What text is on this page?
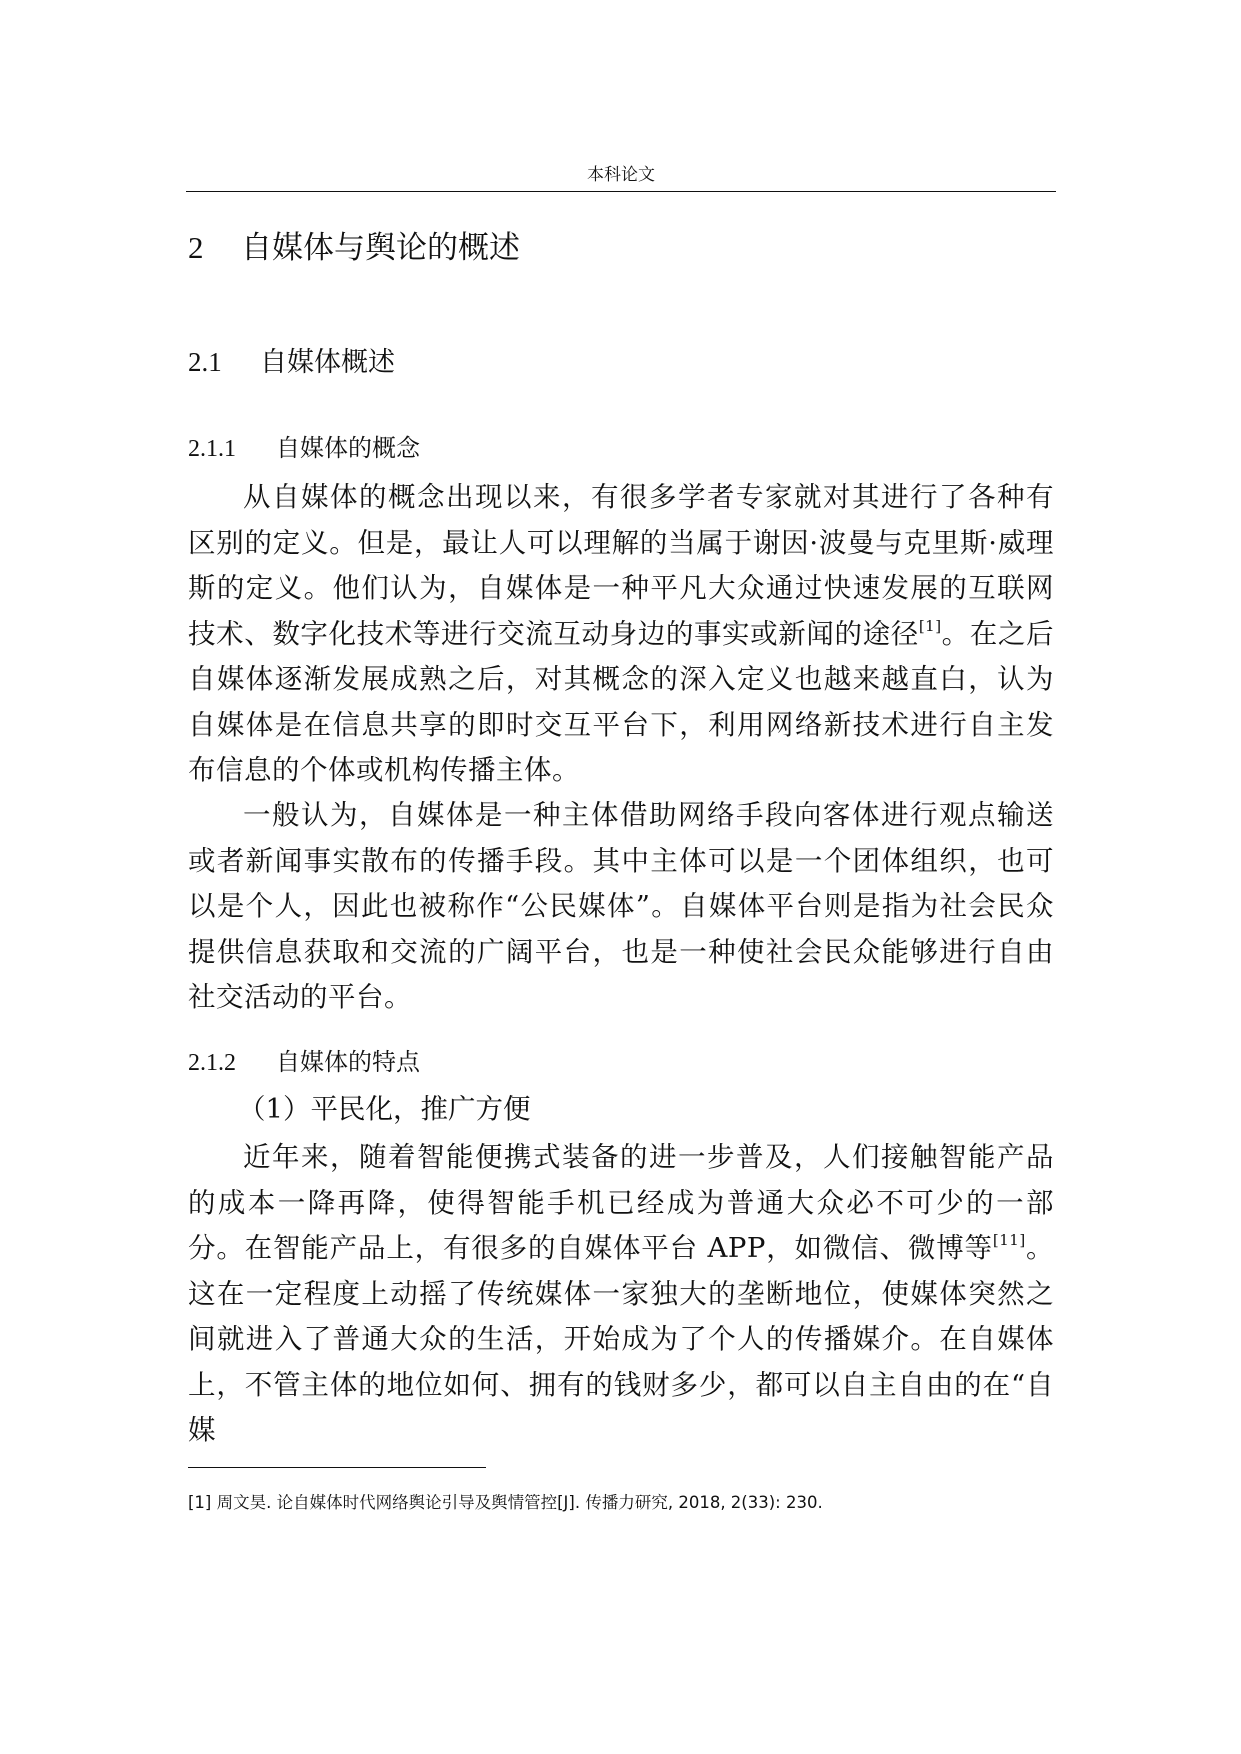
本科论文
2 自媒体与舆论的概述
2.1 自媒体概述
2.1.1 自媒体的概念

从自媒体的概念出现以来，有很多学者专家就对其进行了各种有区别的定义。但是，最让人可以理解的当属于谢因·波曼与克里斯·威理斯的定义。他们认为，自媒体是一种平凡大众通过快速发展的互联网技术、数字化技术等进行交流互动身边的事实或新闻的途径[1]。在之后自媒体逐渐发展成熟之后，对其概念的深入定义也越来越直白，认为自媒体是在信息共享的即时交互平台下，利用网络新技术进行自主发布信息的个体或机构传播主体。

一般认为，自媒体是一种主体借助网络手段向客体进行观点输送或者新闻事实散布的传播手段。其中主体可以是一个团体组织，也可以是个人，因此也被称作“公民媒体”。自媒体平台则是指为社会民众提供信息获取和交流的广阔平台，也是一种使社会民众能够进行自由社交活动的平台。

2.1.2 自媒体的特点
（1）平民化，推广方便

近年来，随着智能便携式装备的进一步普及，人们接触智能产品的成本一降再降，使得智能手机已经成为普通大众必不可少的一部分。在智能产品上，有很多的自媒体平台 APP，如微信、微博等[11]。这在一定程度上动摇了传统媒体一家独大的垄断地位，使媒体突然之间就进入了普通大众的生活，开始成为了个人的传播媒介。在自媒体上，不管主体的地位如何、拥有的钱财多少，都可以自主自由的在“自媒

[1] 周文昊. 论自媒体时代网络舆论引导及舆情管控[J]. 传播力研究, 2018, 2(33): 230.
